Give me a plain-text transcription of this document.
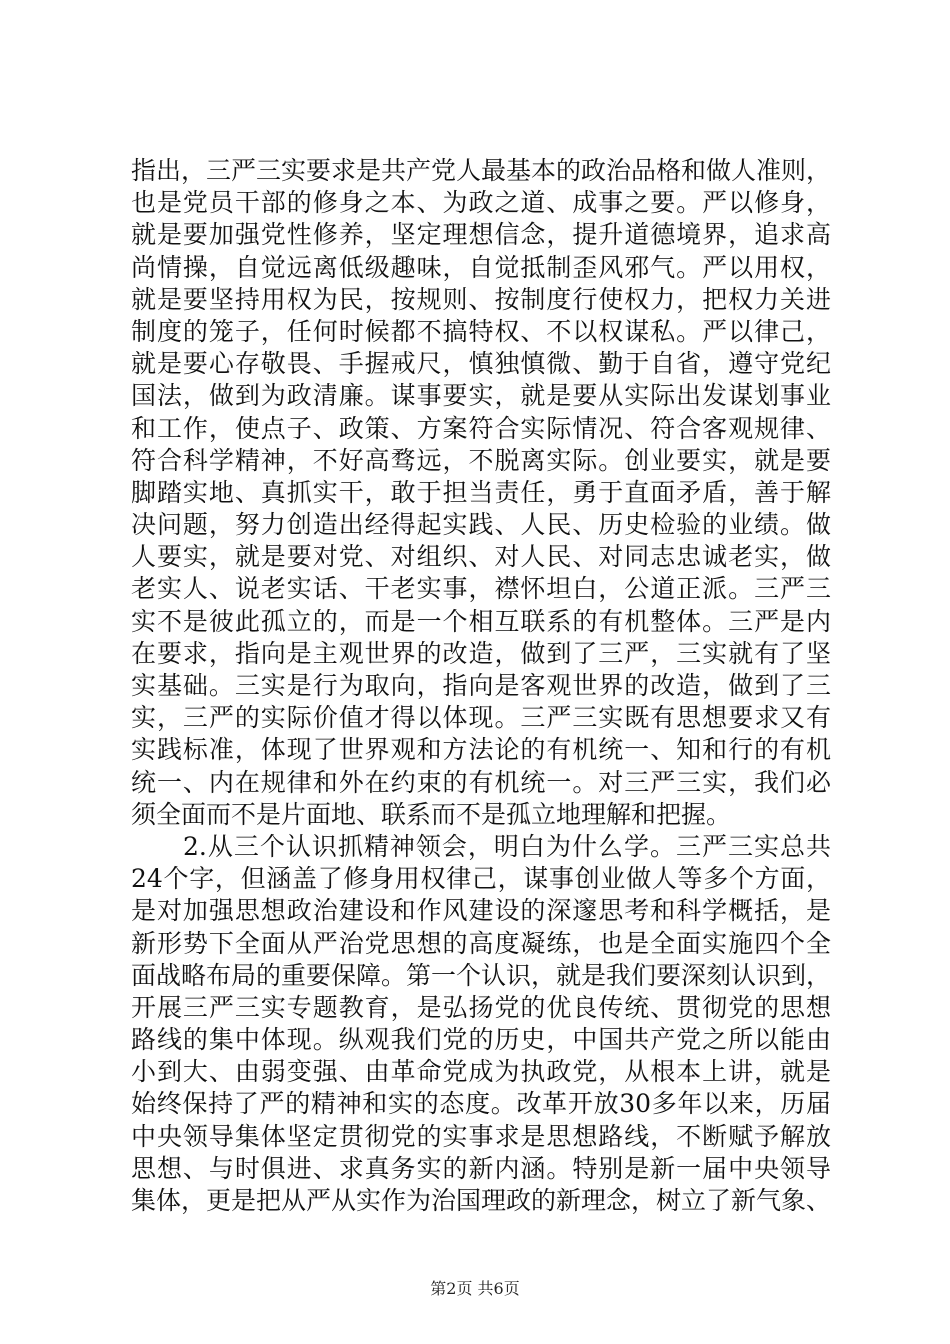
指出，三严三实要求是共产党人最基本的政治品格和做人准则，
也是党员干部的修身之本、为政之道、成事之要。严以修身，
就是要加强党性修养，坚定理想信念，提升道德境界，追求高
尚情操，自觉远离低级趣味，自觉抵制歪风邪气。严以用权，
就是要坚持用权为民，按规则、按制度行使权力，把权力关进
制度的笼子，任何时候都不搞特权、不以权谋私。严以律己，
就是要心存敬畏、手握戒尺，慎独慎微、勤于自省，遵守党纪
国法，做到为政清廉。谋事要实，就是要从实际出发谋划事业
和工作，使点子、政策、方案符合实际情况、符合客观规律、
符合科学精神，不好高骛远，不脱离实际。创业要实，就是要
脚踏实地、真抓实干，敢于担当责任，勇于直面矛盾，善于解
决问题，努力创造出经得起实践、人民、历史检验的业绩。做
人要实，就是要对党、对组织、对人民、对同志忠诚老实，做
老实人、说老实话、干老实事，襟怀坦白，公道正派。三严三
实不是彼此孤立的，而是一个相互联系的有机整体。三严是内
在要求，指向是主观世界的改造，做到了三严，三实就有了坚
实基础。三实是行为取向，指向是客观世界的改造，做到了三
实，三严的实际价值才得以体现。三严三实既有思想要求又有
实践标准，体现了世界观和方法论的有机统一、知和行的有机
统一、内在规律和外在约束的有机统一。对三严三实，我们必
须全面而不是片面地、联系而不是孤立地理解和把握。
　　2.从三个认识抓精神领会，明白为什么学。三严三实总共
24个字，但涵盖了修身用权律己，谋事创业做人等多个方面，
是对加强思想政治建设和作风建设的深邃思考和科学概括，是
新形势下全面从严治党思想的高度凝练，也是全面实施四个全
面战略布局的重要保障。第一个认识，就是我们要深刻认识到，
开展三严三实专题教育，是弘扬党的优良传统、贯彻党的思想
路线的集中体现。纵观我们党的历史，中国共产党之所以能由
小到大、由弱变强、由革命党成为执政党，从根本上讲，就是
始终保持了严的精神和实的态度。改革开放30多年以来，历届
中央领导集体坚定贯彻党的实事求是思想路线，不断赋予解放
思想、与时俱进、求真务实的新内涵。特别是新一届中央领导
集体，更是把从严从实作为治国理政的新理念，树立了新气象、
第2页 共6页
